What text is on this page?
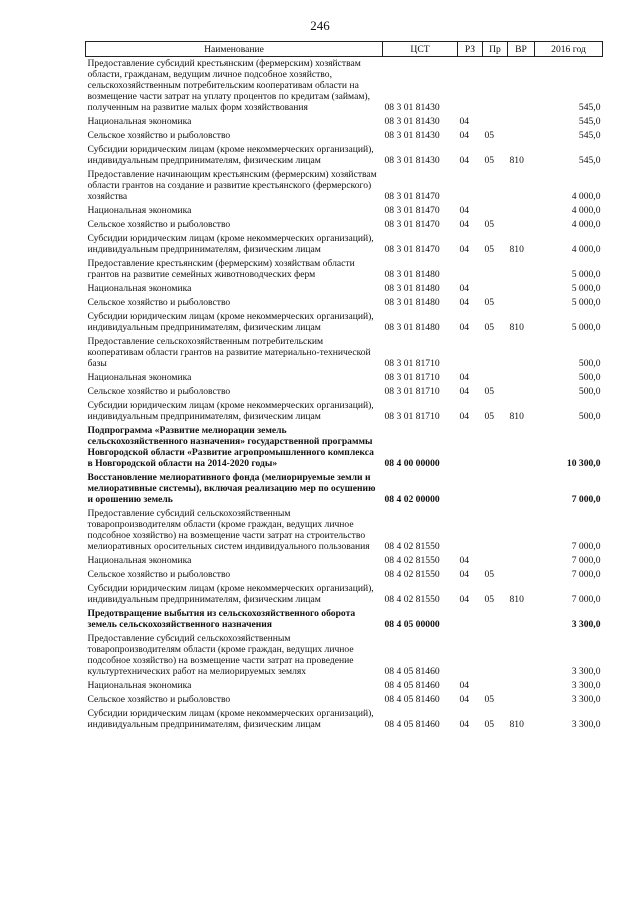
246
Наименование	ЦСТ	РЗ	Пр	ВР	2016 год
Предоставление субсидий крестьянским (фермерским) хозяйствам области, гражданам, ведущим личное подсобное хозяйство, сельскохозяйственным потребительским кооперативам области на возмещение части затрат на уплату процентов по кредитам (займам), полученным на развитие малых форм хозяйствования	08 3 01 81430				545,0
Национальная экономика	08 3 01 81430	04			545,0
Сельское хозяйство и рыболовство	08 3 01 81430	04	05		545,0
Субсидии юридическим лицам (кроме некоммерческих организаций), индивидуальным предпринимателям, физическим лицам	08 3 01 81430	04	05	810	545,0
Предоставление начинающим крестьянским (фермерским) хозяйствам области грантов на создание и развитие крестьянского (фермерского) хозяйства	08 3 01 81470				4 000,0
Национальная экономика	08 3 01 81470	04			4 000,0
Сельское хозяйство и рыболовство	08 3 01 81470	04	05		4 000,0
Субсидии юридическим лицам (кроме некоммерческих организаций), индивидуальным предпринимателям, физическим лицам	08 3 01 81470	04	05	810	4 000,0
Предоставление крестьянским (фермерским) хозяйствам области грантов на развитие семейных животноводческих ферм	08 3 01 81480				5 000,0
Национальная экономика	08 3 01 81480	04			5 000,0
Сельское хозяйство и рыболовство	08 3 01 81480	04	05		5 000,0
Субсидии юридическим лицам (кроме некоммерческих организаций), индивидуальным предпринимателям, физическим лицам	08 3 01 81480	04	05	810	5 000,0
Предоставление сельскохозяйственным потребительским кооперативам области грантов на развитие материально-технической базы	08 3 01 81710				500,0
Национальная экономика	08 3 01 81710	04			500,0
Сельское хозяйство и рыболовство	08 3 01 81710	04	05		500,0
Субсидии юридическим лицам (кроме некоммерческих организаций), индивидуальным предпринимателям, физическим лицам	08 3 01 81710	04	05	810	500,0
Подпрограмма «Развитие мелиорации земель сельскохозяйственного назначения» государственной программы Новгородской области «Развитие агропромышленного комплекса в Новгородской области на 2014-2020 годы»	08 4 00 00000				10 300,0
Восстановление мелиоративного фонда (мелиорируемые земли и мелиоративные системы), включая реализацию мер по осушению и орошению земель	08 4 02 00000				7 000,0
Предоставление субсидий сельскохозяйственным товаропроизводителям области (кроме граждан, ведущих личное подсобное хозяйство) на возмещение части затрат на строительство мелиоративных оросительных систем индивидуального пользования	08 4 02 81550				7 000,0
Национальная экономика	08 4 02 81550	04			7 000,0
Сельское хозяйство и рыболовство	08 4 02 81550	04	05		7 000,0
Субсидии юридическим лицам (кроме некоммерческих организаций), индивидуальным предпринимателям, физическим лицам	08 4 02 81550	04	05	810	7 000,0
Предотвращение выбытия из сельскохозяйственного оборота земель сельскохозяйственного назначения	08 4 05 00000				3 300,0
Предоставление субсидий сельскохозяйственным товаропроизводителям области (кроме граждан, ведущих личное подсобное хозяйство) на возмещение части затрат на проведение культуртехнических работ на мелиорируемых землях	08 4 05 81460				3 300,0
Национальная экономика	08 4 05 81460	04			3 300,0
Сельское хозяйство и рыболовство	08 4 05 81460	04	05		3 300,0
Субсидии юридическим лицам (кроме некоммерческих организаций), индивидуальным предпринимателям, физическим лицам	08 4 05 81460	04	05	810	3 300,0
